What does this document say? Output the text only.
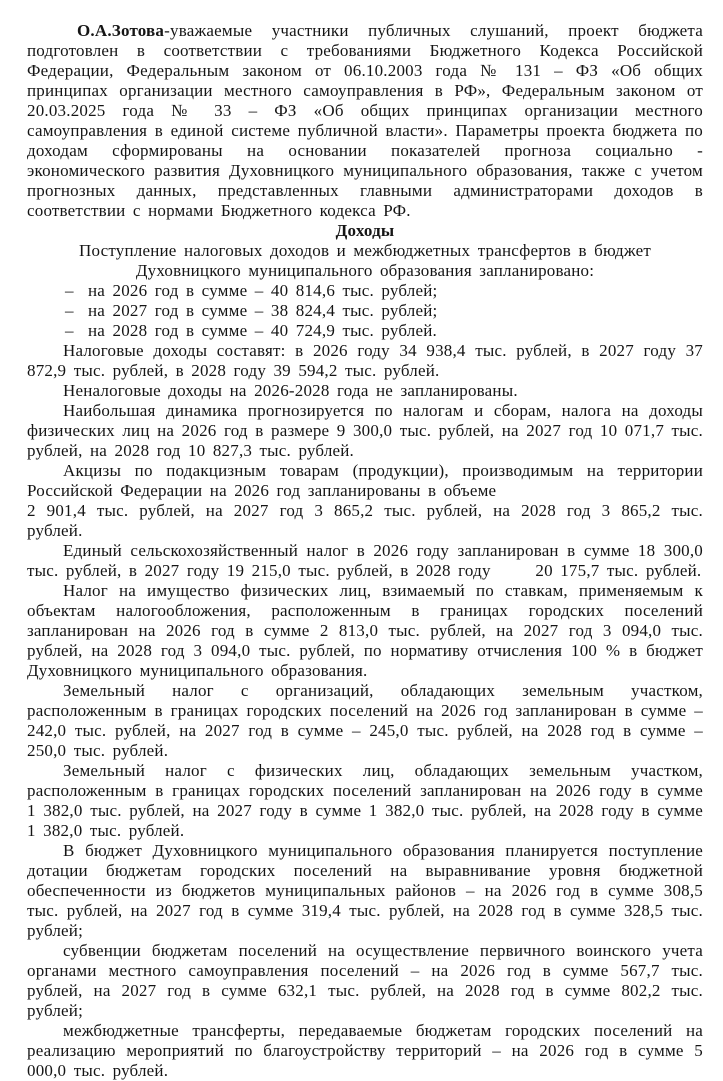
О.А.Зотова-уважаемые участники публичных слушаний, проект бюджета подготовлен в соответствии с требованиями Бюджетного Кодекса Российской Федерации, Федеральным законом от 06.10.2003 года № 131 – ФЗ «Об общих принципах организации местного самоуправления в РФ», Федеральным законом от 20.03.2025 года № 33 – ФЗ «Об общих принципах организации местного самоуправления в единой системе публичной власти». Параметры проекта бюджета по доходам сформированы на основании показателей прогноза социально - экономического развития Духовницкого муниципального образования, также с учетом прогнозных данных, представленных главными администраторами доходов в соответствии с нормами Бюджетного кодекса РФ.

Доходы

Поступление налоговых доходов и межбюджетных трансфертов в бюджет Духовницкого муниципального образования запланировано:

– на 2026 год в сумме – 40 814,6 тыс. рублей;
– на 2027 год в сумме – 38 824,4 тыс. рублей;
– на 2028 год в сумме – 40 724,9 тыс. рублей.

Налоговые доходы составят: в 2026 году 34 938,4 тыс. рублей, в 2027 году 37 872,9 тыс. рублей, в 2028 году 39 594,2 тыс. рублей.

Неналоговые доходы на 2026-2028 года не запланированы.

Наибольшая динамика прогнозируется по налогам и сборам, налога на доходы физических лиц на 2026 год в размере 9 300,0 тыс. рублей, на 2027 год 10 071,7 тыс. рублей, на 2028 год 10 827,3 тыс. рублей.

Акцизы по подакцизным товарам (продукции), производимым на территории Российской Федерации на 2026 год запланированы в объеме

2 901,4 тыс. рублей, на 2027 год 3 865,2 тыс. рублей, на 2028 год 3 865,2 тыс. рублей.

Единый сельскохозяйственный налог в 2026 году запланирован в сумме 18 300,0 тыс. рублей, в 2027 году 19 215,0 тыс. рублей, в 2028 году      20 175,7 тыс. рублей.

Налог на имущество физических лиц, взимаемый по ставкам, применяемым к объектам налогообложения, расположенным в границах городских поселений запланирован на 2026 год в сумме 2 813,0 тыс. рублей, на 2027 год 3 094,0 тыс. рублей, на 2028 год 3 094,0 тыс. рублей, по нормативу отчисления 100 % в бюджет Духовницкого муниципального образования.

Земельный налог с организаций, обладающих земельным участком, расположенным в границах городских поселений на 2026 год запланирован в сумме – 242,0 тыс. рублей, на 2027 год в сумме – 245,0 тыс. рублей, на 2028 год в сумме – 250,0 тыс. рублей.

Земельный налог с физических лиц, обладающих земельным участком, расположенным в границах городских поселений запланирован на 2026 году в сумме 1 382,0 тыс. рублей, на 2027 году в сумме 1 382,0 тыс. рублей, на 2028 году в сумме 1 382,0 тыс. рублей.

В бюджет Духовницкого муниципального образования планируется поступление дотации бюджетам городских поселений на выравнивание уровня бюджетной обеспеченности из бюджетов муниципальных районов – на 2026 год в сумме 308,5 тыс. рублей, на 2027 год в сумме 319,4 тыс. рублей, на 2028 год в сумме 328,5 тыс. рублей;

субвенции бюджетам поселений на осуществление первичного воинского учета органами местного самоуправления поселений – на 2026 год в сумме 567,7 тыс. рублей, на 2027 год в сумме 632,1 тыс. рублей, на 2028 год в сумме 802,2 тыс. рублей;

межбюджетные трансферты, передаваемые бюджетам городских поселений на реализацию мероприятий по благоустройству территорий – на 2026 год в сумме 5 000,0 тыс. рублей.
